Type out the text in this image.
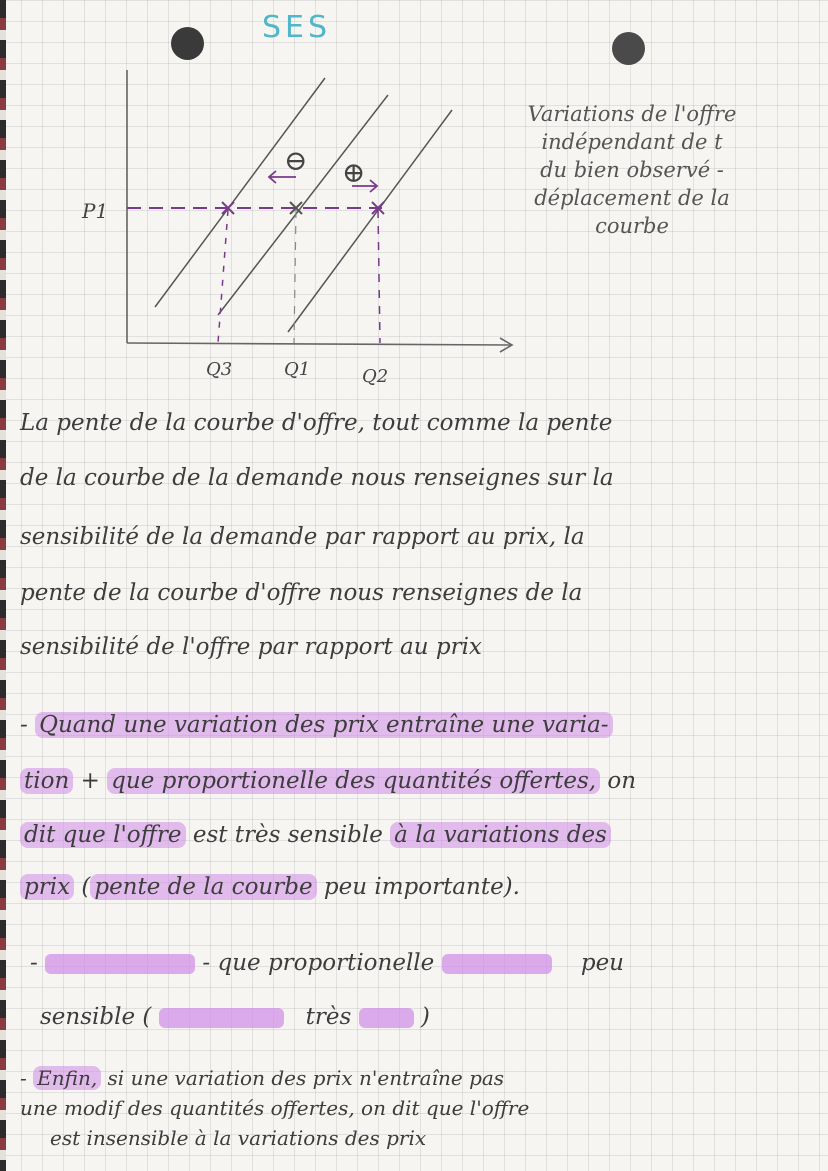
SES
P1
⊖ ⊕
Q3	Q1	Q2
Variations de l'offre
indépendant de t
du bien observé -
déplacement de la
courbe
La pente de la courbe d'offre, tout comme la pente
de la courbe de la demande nous renseignes sur la
sensibilité de la demande par rapport au prix, la
pente de la courbe d'offre nous renseignes de la
sensibilité de l'offre par rapport au prix
- Quand une variation des prix entraîne une varia-
tion + que proportionelle des quantités offertes, on
dit que l'offre est très sensible à la variations des
prix ( pente de la courbe peu importante).
-	- que proportionelle	peu
sensible (	très	)
- Enfin, si une variation des prix n'entraîne pas
une modif des quantités offertes, on dit que l'offre
est insensible à la variations des prix
